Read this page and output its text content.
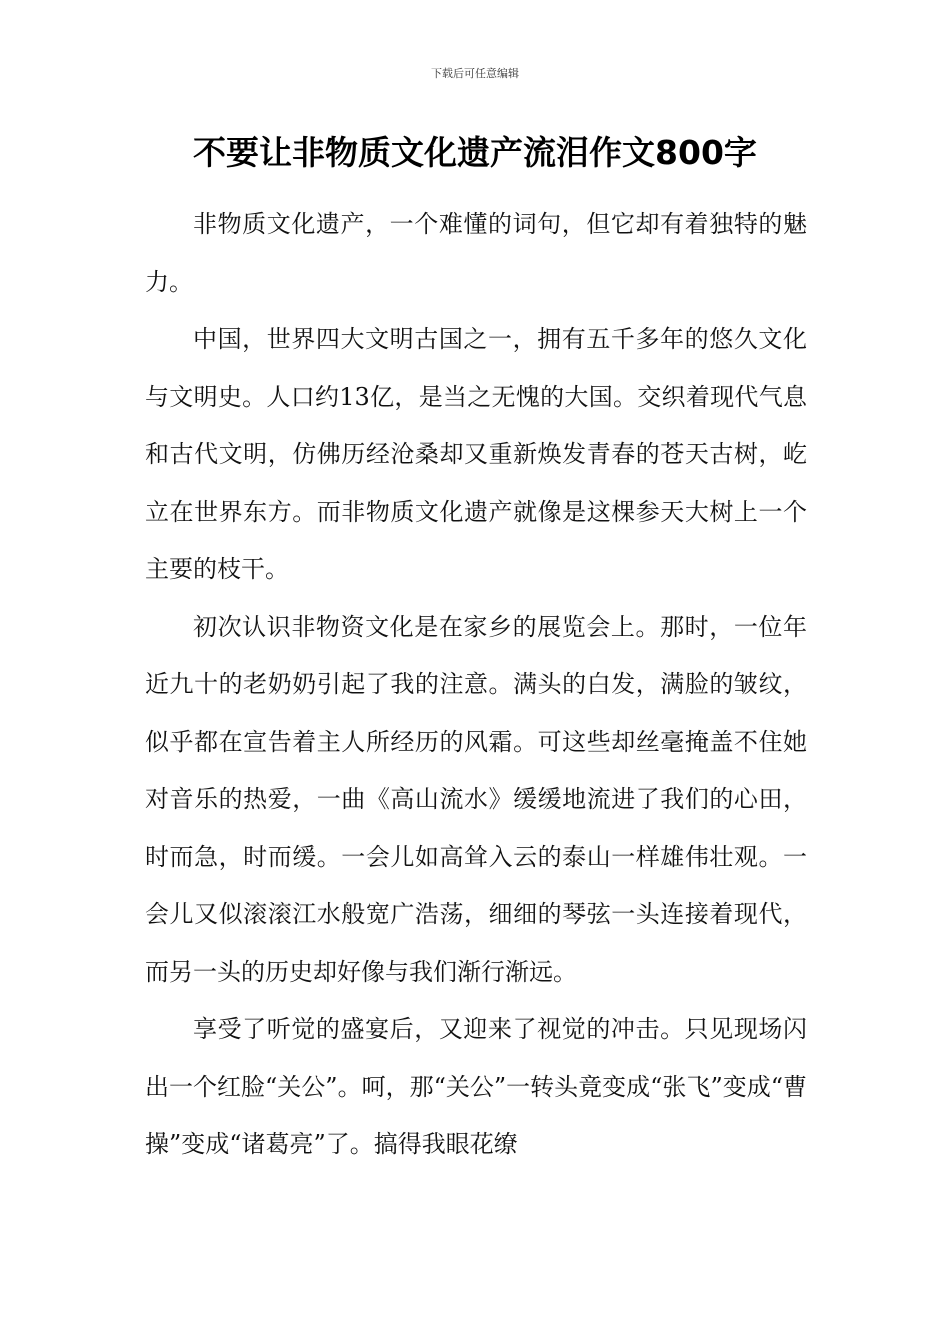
下载后可任意编辑
不要让非物质文化遗产流泪作文800字

非物质文化遗产，一个难懂的词句，但它却有着独特的魅力。

中国，世界四大文明古国之一，拥有五千多年的悠久文化与文明史。人口约13亿，是当之无愧的大国。交织着现代气息和古代文明，仿佛历经沧桑却又重新焕发青春的苍天古树，屹立在世界东方。而非物质文化遗产就像是这棵参天大树上一个主要的枝干。

初次认识非物资文化是在家乡的展览会上。那时，一位年近九十的老奶奶引起了我的注意。满头的白发，满脸的皱纹，似乎都在宣告着主人所经历的风霜。可这些却丝毫掩盖不住她对音乐的热爱，一曲《高山流水》缓缓地流进了我们的心田，时而急，时而缓。一会儿如高耸入云的泰山一样雄伟壮观。一会儿又似滚滚江水般宽广浩荡，细细的琴弦一头连接着现代，而另一头的历史却好像与我们渐行渐远。

享受了听觉的盛宴后，又迎来了视觉的冲击。只见现场闪出一个红脸“关公”。呵，那“关公”一转头竟变成“张飞”变成“曹操”变成“诸葛亮”了。搞得我眼花缭
